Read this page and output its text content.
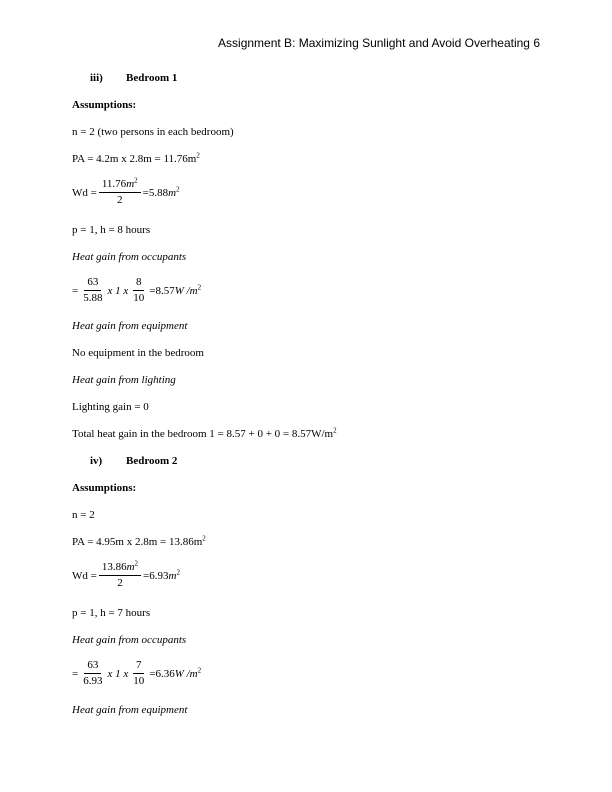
Assignment B: Maximizing Sunlight and Avoid Overheating 6
iii) Bedroom 1
Assumptions:
n = 2 (two persons in each bedroom)
PA = 4.2m x $2.8m = 11.76m^2$
$Wd = \frac{11.76m^2}{2} =5.88m^2$
p = 1, h = 8 hours
Heat gain from occupants
= $\frac{63}{5.88}$ x 1 x $\frac{8}{10} =8.57W$ $/m^2$
Heat gain from equipment
No equipment in the bedroom
Heat gain from lighting
Lighting gain = 0
Total heat gain in the bedroom $1 = 8.57 + 0 + 0 = 8.57W/m^2$
iv) Bedroom 2
Assumptions:
n = 2
PA = 4.95m x $2.8m = 13.86m^2$
$Wd = \frac{13.86m^2}{2} =6.93m^2$
p = 1, h = 7 hours
Heat gain from occupants
= $\frac{63}{6.93}$ x 1 x $\frac{7}{10} =6.36W$ $/m^2$
Heat gain from equipment
